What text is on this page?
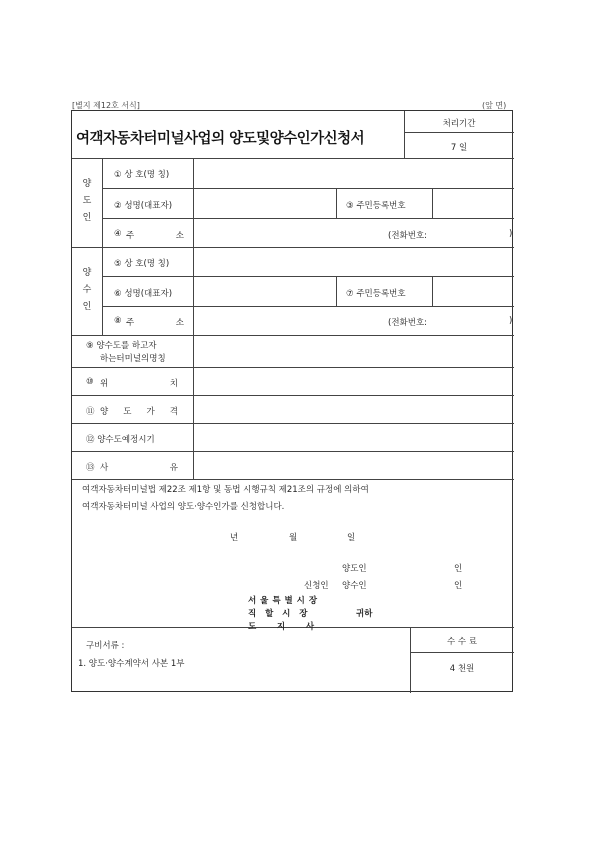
[별지 제12호 서식]	(앞 면)
여객자동차터미널사업의 양도및양수인가신청서
처리기간
7 일
양
도
인
① 상 호(명 칭)
② 성명(대표자)	③ 주민등록번호
④ 주	소	(전화번호:	)
양
수
인
⑤ 상 호(명 칭)
⑥ 성명(대표자)	⑦ 주민등록번호
⑧ 주	소	(전화번호:	)
⑨ 양수도를 하고자
하는터미널의명칭
⑩ 위	치
⑪ 양 도 가 격
⑫ 양수도예정시기
⑬ 사	유
여객자동차터미널법 제22조 제1항 및 동법 시행규칙 제21조의 규정에 의하여
여객자동차터미널 사업의 양도·양수인가를 신청합니다.
년	월	일
양도인	인
신청인 양수인	인
서 울 특 별 시 장
직   할   시   장
도       지       사
귀하
구비서류 :
1. 양도·양수계약서 사본 1부
수 수 료
4 천원
